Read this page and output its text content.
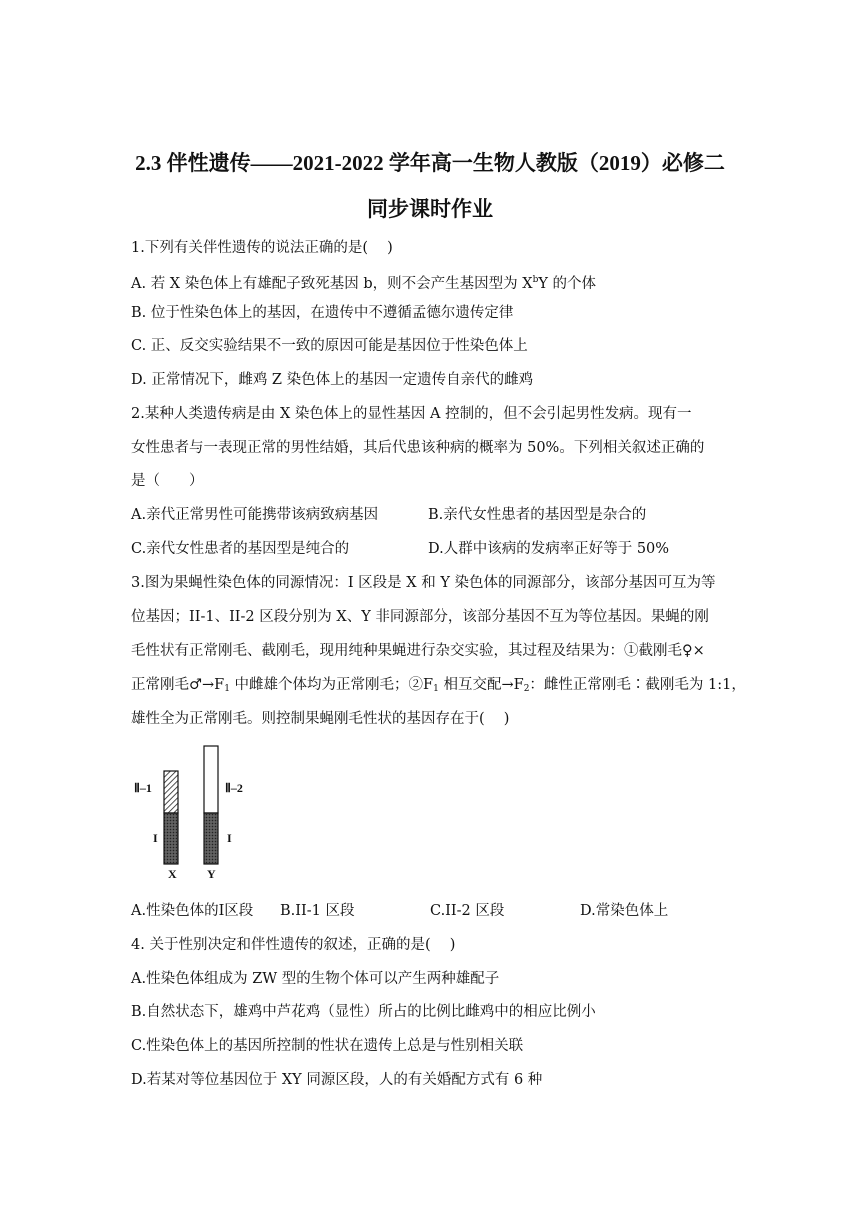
2.3 伴性遗传——2021-2022 学年高一生物人教版（2019）必修二
同步课时作业
1.下列有关伴性遗传的说法正确的是(　 )
A. 若 X 染色体上有雄配子致死基因 b，则不会产生基因型为 $X^bY$ 的个体
B. 位于性染色体上的基因，在遗传中不遵循孟德尔遗传定律
C. 正、反交实验结果不一致的原因可能是基因位于性染色体上
D. 正常情况下，雌鸡 Z 染色体上的基因一定遗传自亲代的雌鸡
2.某种人类遗传病是由 X 染色体上的显性基因 A 控制的，但不会引起男性发病。现有一
女性患者与一表现正常的男性结婚，其后代患该种病的概率为 50%。下列相关叙述正确的
是（　　）
A.亲代正常男性可能携带该病致病基因	B.亲代女性患者的基因型是杂合的
C.亲代女性患者的基因型是纯合的	D.人群中该病的发病率正好等于 50%
3.图为果蝇性染色体的同源情况：I 区段是 X 和 Y 染色体的同源部分，该部分基因可互为等
位基因；II-1、II-2 区段分别为 X、Y 非同源部分，该部分基因不互为等位基因。果蝇的刚
毛性状有正常刚毛、截刚毛，现用纯种果蝇进行杂交实验，其过程及结果为：①截刚毛♀×
正常刚毛$♂\to F_1$ 中雌雄个体均为正常刚毛；$②F_1$ 相互交配$\to F_2$：雌性正常刚毛∶截刚毛为 1:1，
雄性全为正常刚毛。则控制果蝇刚毛性状的基因存在于(　 )
Ⅱ–1	Ⅱ–2
I	I
X	Y
A.性染色体的I区段 B.II-1 区段	C.II-2 区段	D.常染色体上
4. 关于性别决定和伴性遗传的叙述，正确的是(　 )
A.性染色体组成为 ZW 型的生物个体可以产生两种雄配子
B.自然状态下，雄鸡中芦花鸡（显性）所占的比例比雌鸡中的相应比例小
C.性染色体上的基因所控制的性状在遗传上总是与性别相关联
D.若某对等位基因位于 XY 同源区段，人的有关婚配方式有 6 种
